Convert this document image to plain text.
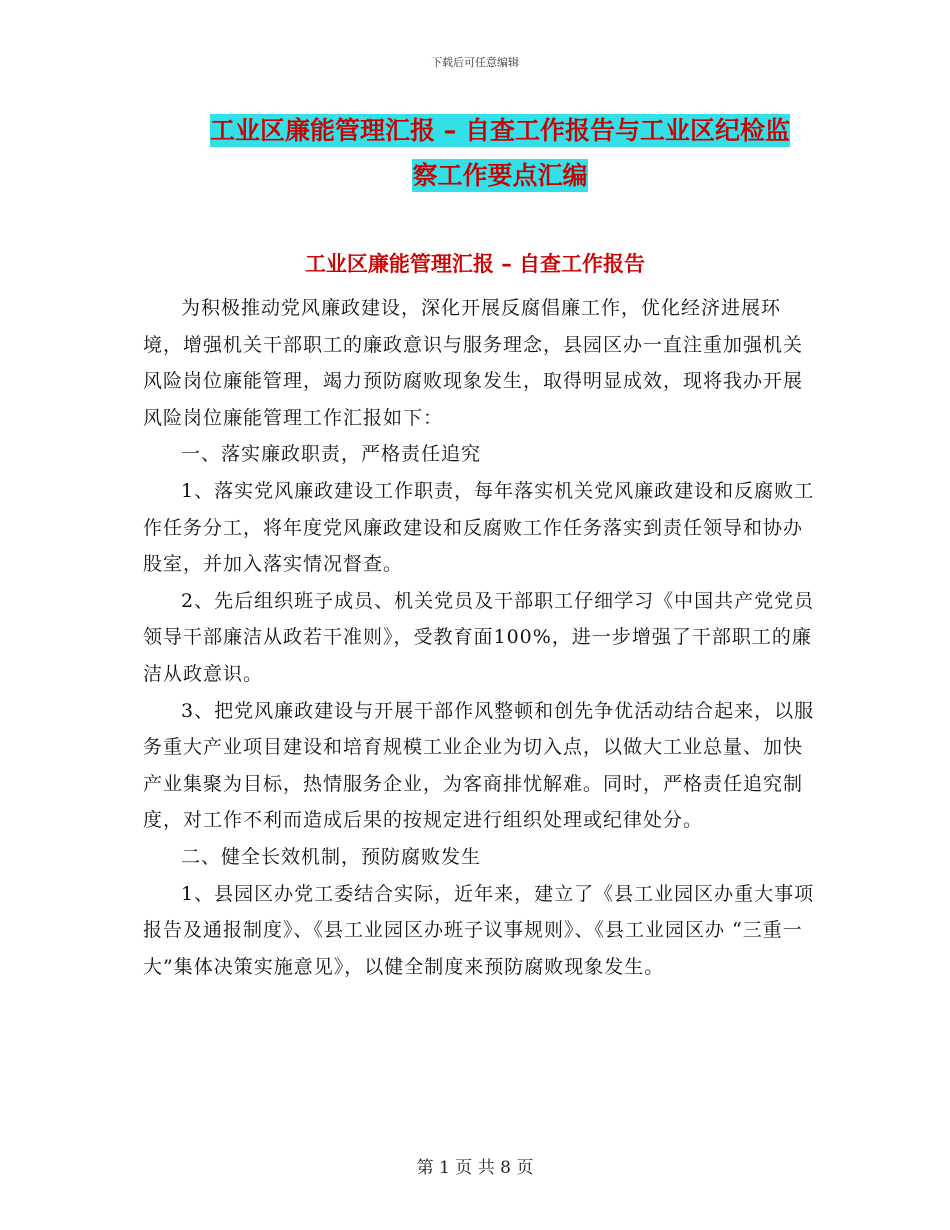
下载后可任意编辑
工业区廉能管理汇报 – 自查工作报告与工业区纪检监
察工作要点汇编
工业区廉能管理汇报 – 自查工作报告

为积极推动党风廉政建设，深化开展反腐倡廉工作，优化经济进展环境，增强机关干部职工的廉政意识与服务理念，县园区办一直注重加强机关风险岗位廉能管理，竭力预防腐败现象发生，取得明显成效，现将我办开展风险岗位廉能管理工作汇报如下：

一、落实廉政职责，严格责任追究

1、落实党风廉政建设工作职责，每年落实机关党风廉政建设和反腐败工作任务分工，将年度党风廉政建设和反腐败工作任务落实到责任领导和协办股室，并加入落实情况督查。

2、先后组织班子成员、机关党员及干部职工仔细学习《中国共产党党员领导干部廉洁从政若干准则》，受教育面100%，进一步增强了干部职工的廉洁从政意识。

3、把党风廉政建设与开展干部作风整顿和创先争优活动结合起来，以服务重大产业项目建设和培育规模工业企业为切入点，以做大工业总量、加快产业集聚为目标，热情服务企业，为客商排忧解难。同时，严格责任追究制度，对工作不利而造成后果的按规定进行组织处理或纪律处分。

二、健全长效机制，预防腐败发生

1、县园区办党工委结合实际，近年来，建立了《县工业园区办重大事项报告及通报制度》、《县工业园区办班子议事规则》、《县工业园区办 “三重一大”集体决策实施意见》，以健全制度来预防腐败现象发生。

第 1 页 共 8 页
